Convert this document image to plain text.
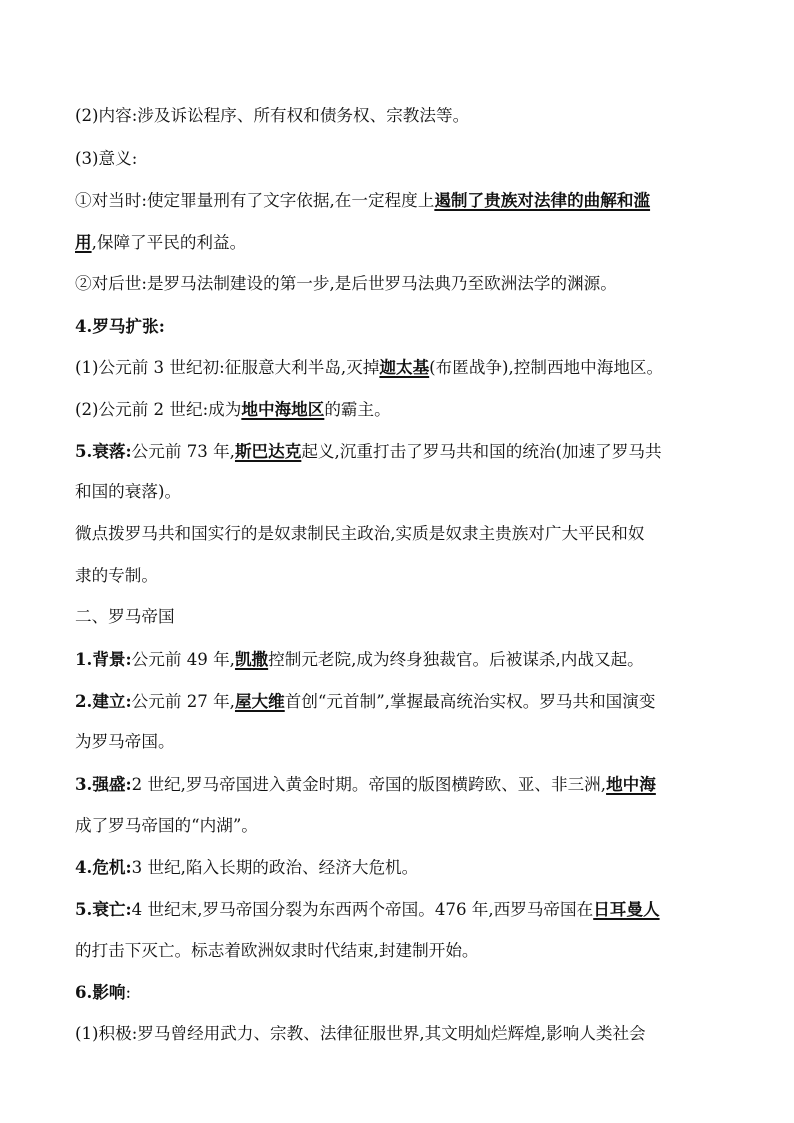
(2)内容:涉及诉讼程序、所有权和债务权、宗教法等。
(3)意义:
①对当时:使定罪量刑有了文字依据,在一定程度上遏制了贵族对法律的曲解和滥
用,保障了平民的利益。
②对后世:是罗马法制建设的第一步,是后世罗马法典乃至欧洲法学的渊源。
4.罗马扩张:
(1)公元前 3 世纪初:征服意大利半岛,灭掉迦太基(布匿战争),控制西地中海地区。
(2)公元前 2 世纪:成为地中海地区的霸主。
5.衰落:公元前 73 年,斯巴达克起义,沉重打击了罗马共和国的统治(加速了罗马共
和国的衰落)。
微点拨罗马共和国实行的是奴隶制民主政治,实质是奴隶主贵族对广大平民和奴
隶的专制。
二、罗马帝国
1.背景:公元前 49 年,凯撒控制元老院,成为终身独裁官。后被谋杀,内战又起。
2.建立:公元前 27 年,屋大维首创“元首制”,掌握最高统治实权。罗马共和国演变
为罗马帝国。
3.强盛:2 世纪,罗马帝国进入黄金时期。帝国的版图横跨欧、亚、非三洲,地中海
成了罗马帝国的“内湖”。
4.危机:3 世纪,陷入长期的政治、经济大危机。
5.衰亡:4 世纪末,罗马帝国分裂为东西两个帝国。476 年,西罗马帝国在日耳曼人
的打击下灭亡。标志着欧洲奴隶时代结束,封建制开始。
6.影响:
(1)积极:罗马曾经用武力、宗教、法律征服世界,其文明灿烂辉煌,影响人类社会
